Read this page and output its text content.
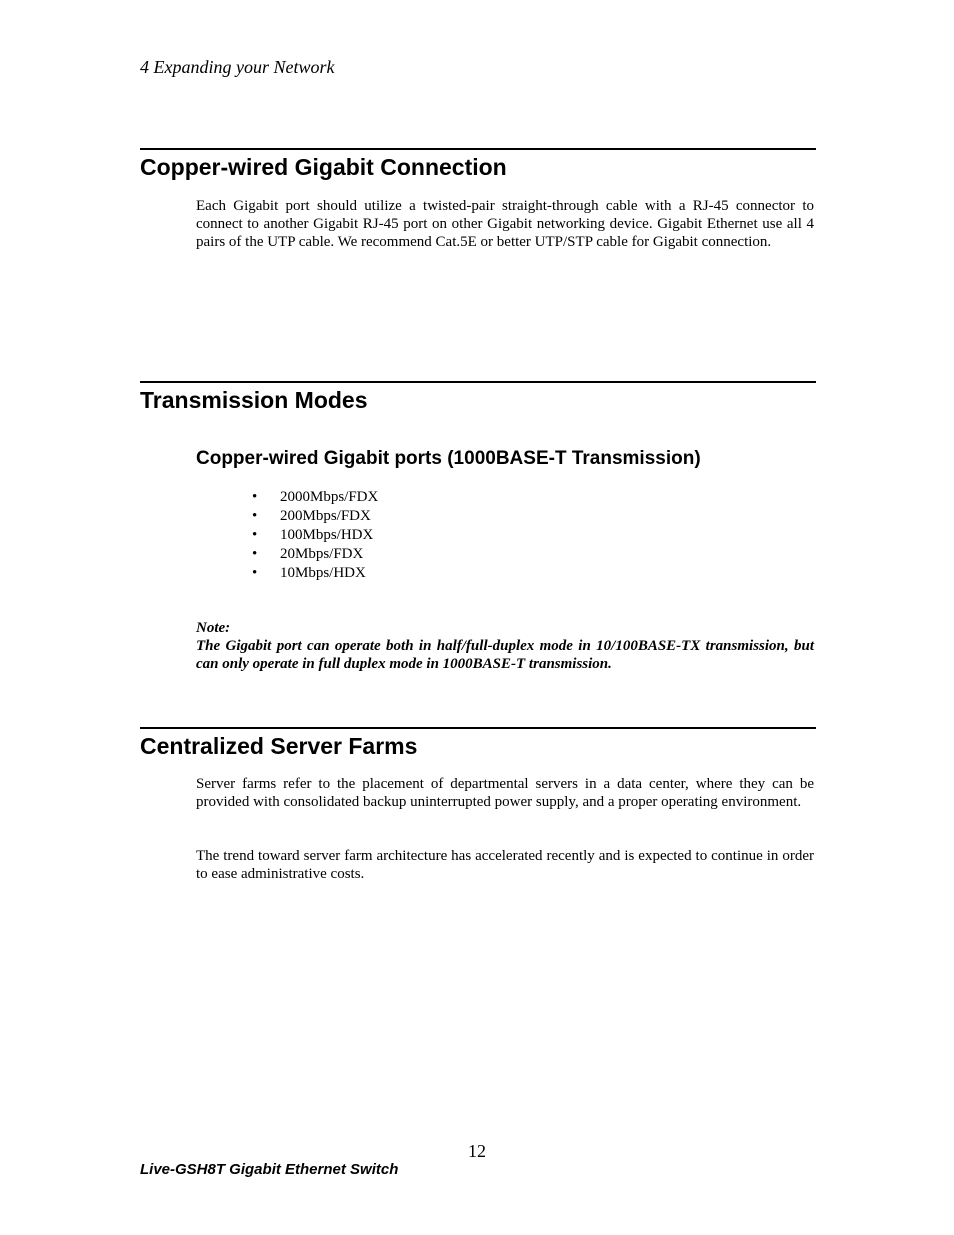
4 Expanding your Network
Copper-wired Gigabit Connection
Each Gigabit port should utilize a twisted-pair straight-through cable with a RJ-45 connector to connect to another Gigabit RJ-45 port on other Gigabit networking device. Gigabit Ethernet use all 4 pairs of the UTP cable. We recommend Cat.5E or better UTP/STP cable for Gigabit connection.
Transmission Modes
Copper-wired Gigabit ports (1000BASE-T Transmission)
• 2000Mbps/FDX
• 200Mbps/FDX
• 100Mbps/HDX
• 20Mbps/FDX
• 10Mbps/HDX
Note:
The Gigabit port can operate both in half/full-duplex mode in 10/100BASE-TX transmission, but can only operate in full duplex mode in 1000BASE-T transmission.
Centralized Server Farms
Server farms refer to the placement of departmental servers in a data center, where they can be provided with consolidated backup uninterrupted power supply, and a proper operating environment.
The trend toward server farm architecture has accelerated recently and is expected to continue in order to ease administrative costs.
12
Live-GSH8T Gigabit Ethernet Switch
